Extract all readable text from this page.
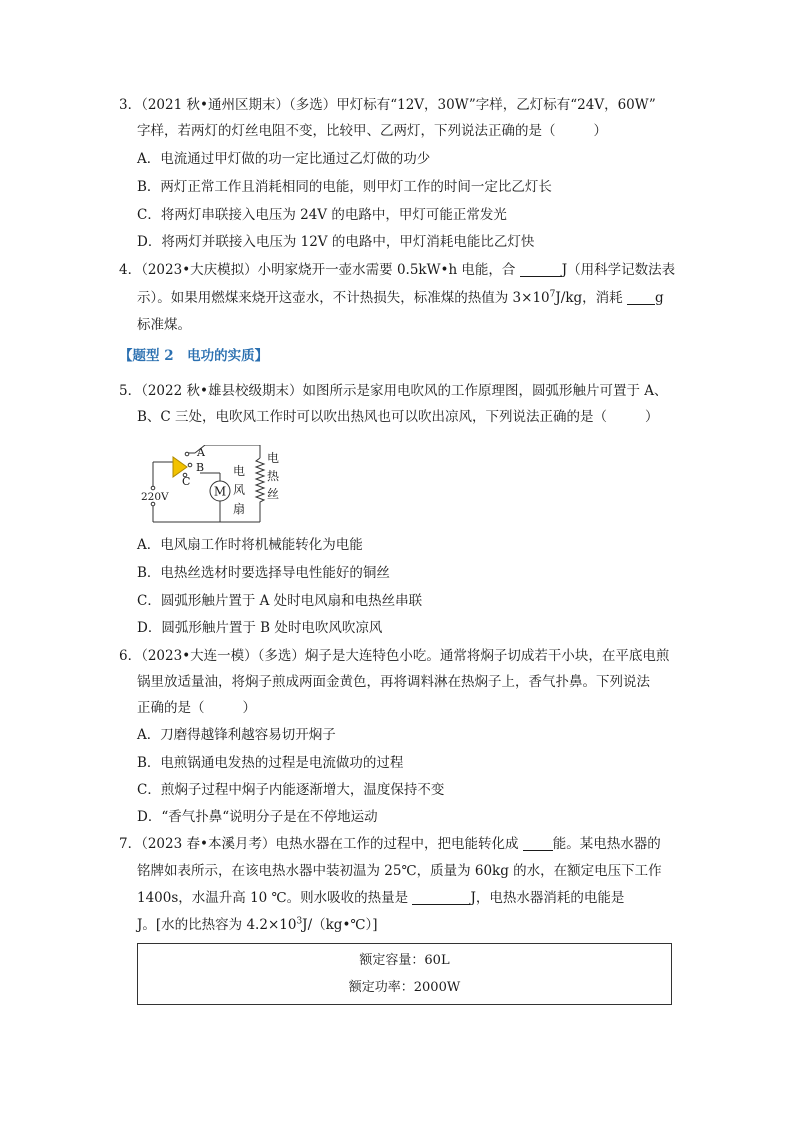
3．（2021 秋•通州区期末）（多选）甲灯标有“12V，30W”字样，乙灯标有“24V，60W”
字样，若两灯的灯丝电阻不变，比较甲、乙两灯，下列说法正确的是（	）
A．电流通过甲灯做的功一定比通过乙灯做的功少
B．两灯正常工作且消耗相同的电能，则甲灯工作的时间一定比乙灯长
C．将两灯串联接入电压为 24V 的电路中，甲灯可能正常发光
D．将两灯并联接入电压为 12V 的电路中，甲灯消耗电能比乙灯快
4．（2023•大庆模拟）小明家烧开一壶水需要 0.5kW•h 电能，合	J（用科学记数法表
示）。如果用燃煤来烧开这壶水，不计热损失，标准煤的热值为 $3\times 10^7J/kg$，消耗 g
标准煤。
【题型 2　电功的实质】
5．（2022 秋•雄县校级期末）如图所示是家用电吹风的工作原理图，圆弧形触片可置于 A、
B、C 三处，电吹风工作时可以吹出热风也可以吹出凉风，下列说法正确的是（	）
M
220V
A
B
C
电
风
扇
电
热
丝
A．电风扇工作时将机械能转化为电能
B．电热丝选材时要选择导电性能好的铜丝
C．圆弧形触片置于 A 处时电风扇和电热丝串联
D．圆弧形触片置于 B 处时电吹风吹凉风
6．（2023•大连一模）（多选）焖子是大连特色小吃。通常将焖子切成若干小块，在平底电煎
锅里放适量油，将焖子煎成两面金黄色，再将调料淋在热焖子上，香气扑鼻。下列说法
正确的是（	）
A．刀磨得越锋利越容易切开焖子
B．电煎锅通电发热的过程是电流做功的过程
C．煎焖子过程中焖子内能逐渐增大，温度保持不变
D．“香气扑鼻“说明分子是在不停地运动
7．（2023 春•本溪月考）电热水器在工作的过程中，把电能转化成	能。某电热水器的
铭牌如表所示，在该电热水器中装初温为 25℃，质量为 60kg 的水，在额定电压下工作
1400s，水温升高 10 ℃。则水吸收的热量是	J，电热水器消耗的电能是
J。[水的比热容为 $4.2\times 10^3J/(kg•℃)$]
额定容量：60L
额定功率：2000W
